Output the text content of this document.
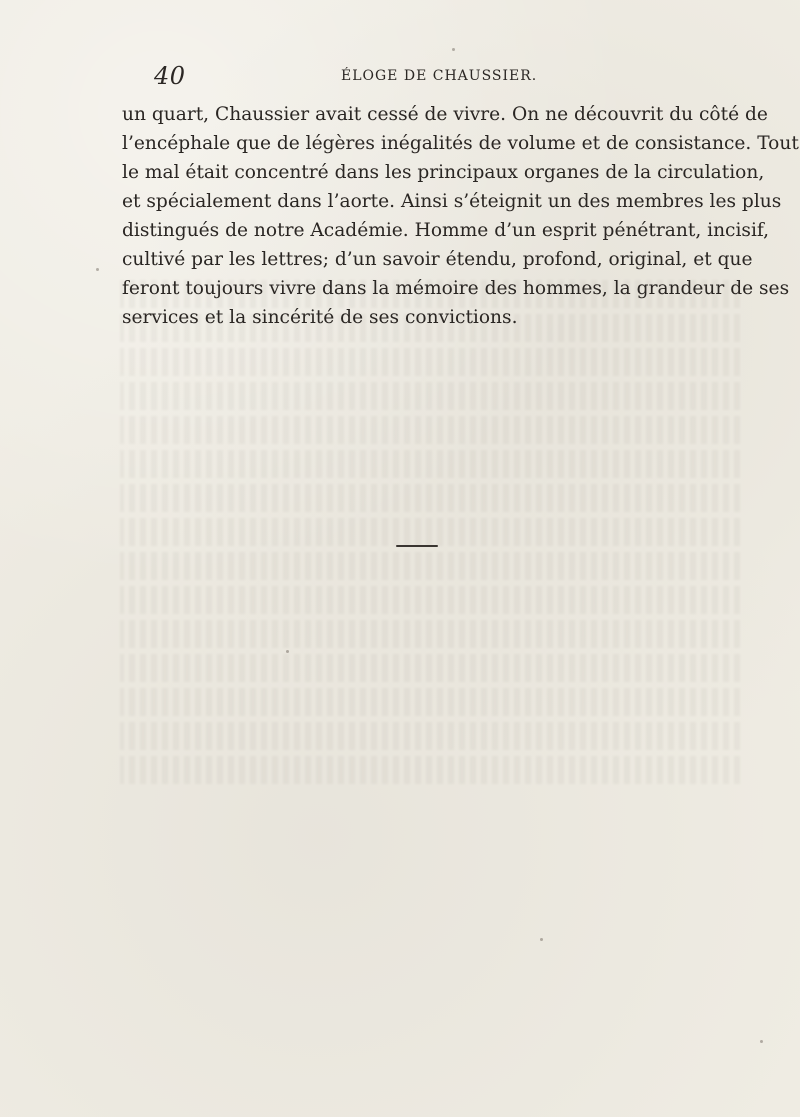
40	ÉLOGE DE CHAUSSIER.
un quart, Chaussier avait cessé de vivre. On ne découvrit du côté de
l’encéphale que de légères inégalités de volume et de consistance. Tout
le mal était concentré dans les principaux organes de la circulation,
et spécialement dans l’aorte. Ainsi s’éteignit un des membres les plus
distingués de notre Académie. Homme d’un esprit pénétrant, incisif,
cultivé par les lettres; d’un savoir étendu, profond, original, et que
feront toujours vivre dans la mémoire des hommes, la grandeur de ses
services et la sincérité de ses convictions.
